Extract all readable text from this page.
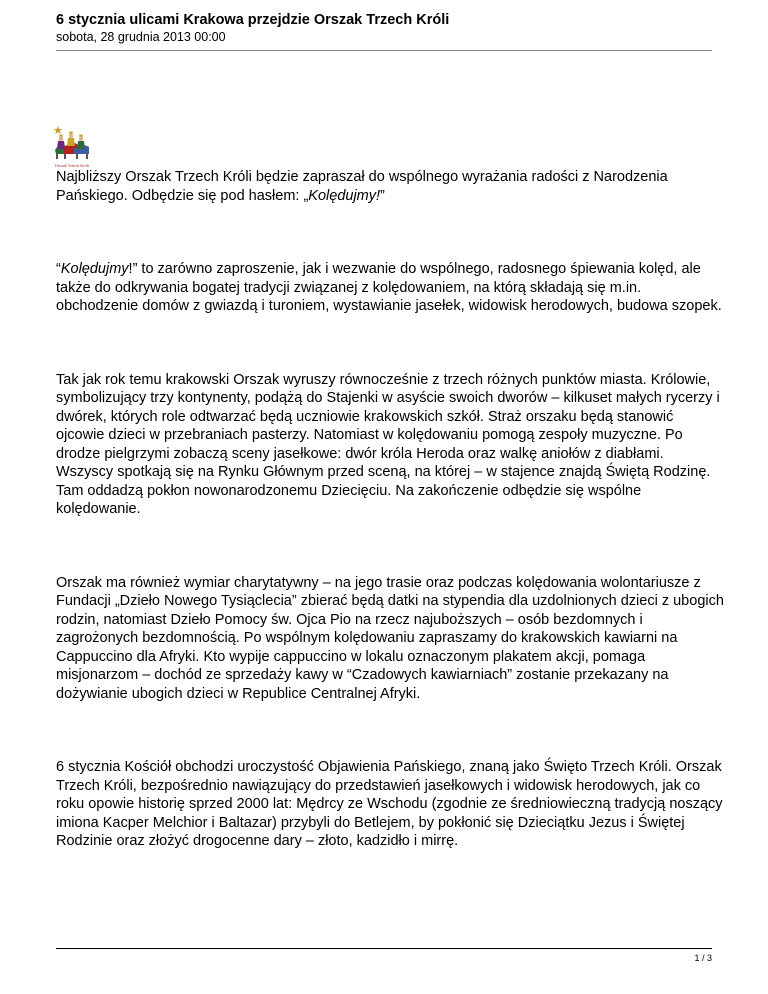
6 stycznia ulicami Krakowa przejdzie Orszak Trzech Króli
sobota, 28 grudnia 2013 00:00
Orszak Trzech Króli

Najbliższy Orszak Trzech Króli będzie zapraszał do wspólnego wyrażania radości z Narodzenia Pańskiego. Odbędzie się pod hasłem: „Kolędujmy!”

“Kolędujmy!” to zarówno zaproszenie, jak i wezwanie do wspólnego, radosnego śpiewania kolęd, ale także do odkrywania bogatej tradycji związanej z kolędowaniem, na którą składają się m.in. obchodzenie domów z gwiazdą i turoniem, wystawianie jasełek, widowisk herodowych, budowa szopek.

Tak jak rok temu krakowski Orszak wyruszy równocześnie z trzech różnych punktów miasta. Królowie, symbolizujący trzy kontynenty, podążą do Stajenki w asyście swoich dworów – kilkuset małych rycerzy i dwórek, których role odtwarzać będą uczniowie krakowskich szkół. Straż orszaku będą stanowić ojcowie dzieci w przebraniach pasterzy. Natomiast w kolędowaniu pomogą zespoły muzyczne. Po drodze pielgrzymi zobaczą sceny jasełkowe: dwór króla Heroda oraz walkę aniołów z diabłami. Wszyscy spotkają się na Rynku Głównym przed sceną, na której – w stajence znajdą Świętą Rodzinę. Tam oddadzą pokłon nowonarodzonemu Dziecięciu. Na zakończenie odbędzie się wspólne kolędowanie.

Orszak ma również wymiar charytatywny – na jego trasie oraz podczas kolędowania wolontariusze z Fundacji „Dzieło Nowego Tysiąclecia” zbierać będą datki na stypendia dla uzdolnionych dzieci z ubogich rodzin, natomiast Dzieło Pomocy św. Ojca Pio na rzecz najuboższych – osób bezdomnych i zagrożonych bezdomnością. Po wspólnym kolędowaniu zapraszamy do krakowskich kawiarni na Cappuccino dla Afryki. Kto wypije cappuccino w lokalu oznaczonym plakatem akcji, pomaga misjonarzom – dochód ze sprzedaży kawy w “Czadowych kawiarniach” zostanie przekazany na dożywianie ubogich dzieci w Republice Centralnej Afryki.

6 stycznia Kościół obchodzi uroczystość Objawienia Pańskiego, znaną jako Święto Trzech Króli. Orszak Trzech Króli, bezpośrednio nawiązujący do przedstawień jasełkowych i widowisk herodowych, jak co roku opowie historię sprzed 2000 lat: Mędrcy ze Wschodu (zgodnie ze średniowieczną tradycją noszący imiona Kacper Melchior i Baltazar) przybyli do Betlejem, by pokłonić się Dzieciątku Jezus i Świętej Rodzinie oraz złożyć drogocenne dary – złoto, kadzidło i mirrę.

1 / 3
